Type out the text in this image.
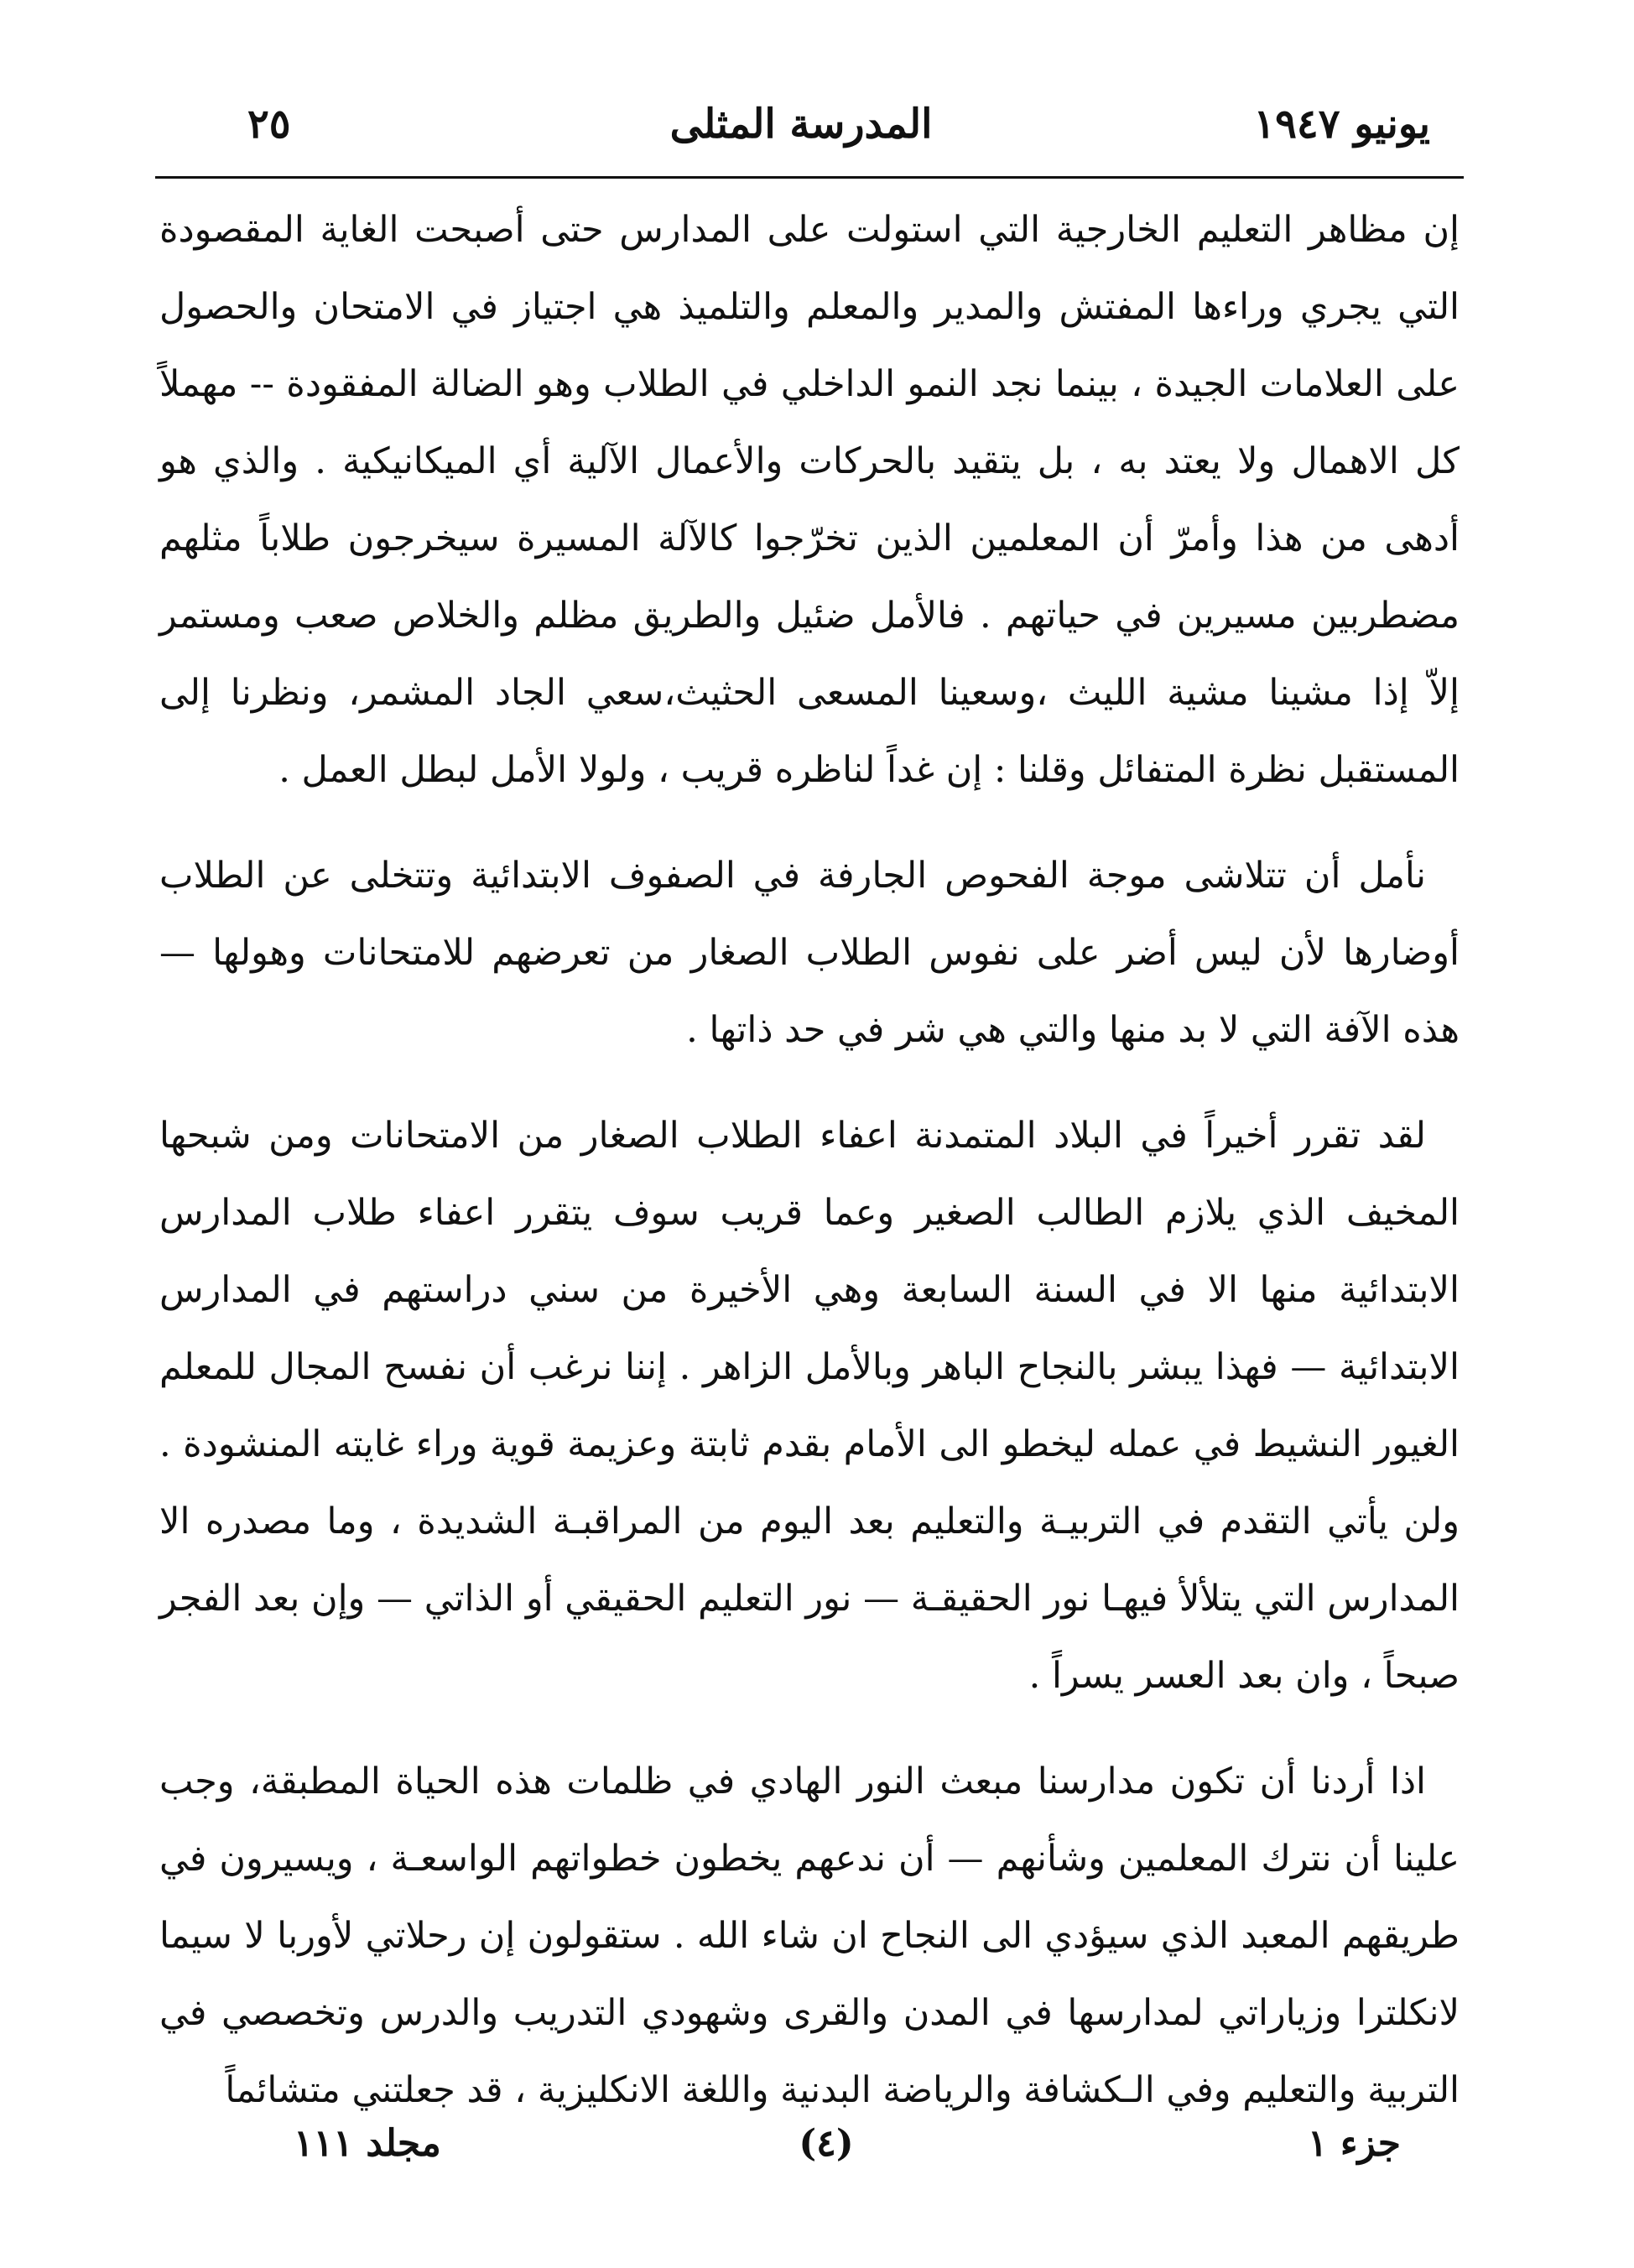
يونيو ١٩٤٧
المدرسة المثلى
٢٥

إن مظاهر التعليم الخارجية التي استولت على المدارس حتى أصبحت الغاية المقصودة التي يجري وراءها المفتش والمدير والمعلم والتلميذ هي اجتياز في الامتحان والحصول على العلامات الجيدة ، بينما نجد النمو الداخلي في الطلاب وهو الضالة المفقودة -- مهملاً كل الاهمال ولا يعتد به ، بل يتقيد بالحركات والأعمال الآلية أي الميكانيكية . والذي هو أدهى من هذا وأمرّ أن المعلمين الذين تخرّجوا كالآلة المسيرة سيخرجون طلاباً مثلهم مضطربين مسيرين في حياتهم . فالأمل ضئيل والطريق مظلم والخلاص صعب ومستمر إلاّ إذا مشينا مشية الليث ،وسعينا المسعى الحثيث،سعي الجاد المشمر، ونظرنا إلى المستقبل نظرة المتفائل وقلنا : إن غداً لناظره قريب ، ولولا الأمل لبطل العمل .

نأمل أن تتلاشى موجة الفحوص الجارفة في الصفوف الابتدائية وتتخلى عن الطلاب أوضارها لأن ليس أضر على نفوس الطلاب الصغار من تعرضهم للامتحانات وهولها — هذه الآفة التي لا بد منها والتي هي شر في حد ذاتها .

لقد تقرر أخيراً في البلاد المتمدنة اعفاء الطلاب الصغار من الامتحانات ومن شبحها المخيف الذي يلازم الطالب الصغير وعما قريب سوف يتقرر اعفاء طلاب المدارس الابتدائية منها الا في السنة السابعة وهي الأخيرة من سني دراستهم في المدارس الابتدائية — فهذا يبشر بالنجاح الباهر وبالأمل الزاهر . إننا نرغب أن نفسح المجال للمعلم الغيور النشيط في عمله ليخطو الى الأمام بقدم ثابتة وعزيمة قوية وراء غايته المنشودة . ولن يأتي التقدم في التربيـة والتعليم بعد اليوم من المراقبـة الشديدة ، وما مصدره الا المدارس التي يتلألأ فيهـا نور الحقيقـة — نور التعليم الحقيقي أو الذاتي — وإن بعد الفجر صبحاً ، وان بعد العسر يسراً .

اذا أردنا أن تكون مدارسنا مبعث النور الهادي في ظلمات هذه الحياة المطبقة، وجب علينا أن نترك المعلمين وشأنهم — أن ندعهم يخطون خطواتهم الواسعـة ، ويسيرون في طريقهم المعبد الذي سيؤدي الى النجاح ان شاء الله . ستقولون إن رحلاتي لأوربا لا سيما لانكلترا وزياراتي لمدارسها في المدن والقرى وشهودي التدريب والدرس وتخصصي في التربية والتعليم وفي الـكشافة والرياضة البدنية واللغة الانكليزية ، قد جعلتني متشائماً

جزء ١
(٤)
مجلد ١١١
